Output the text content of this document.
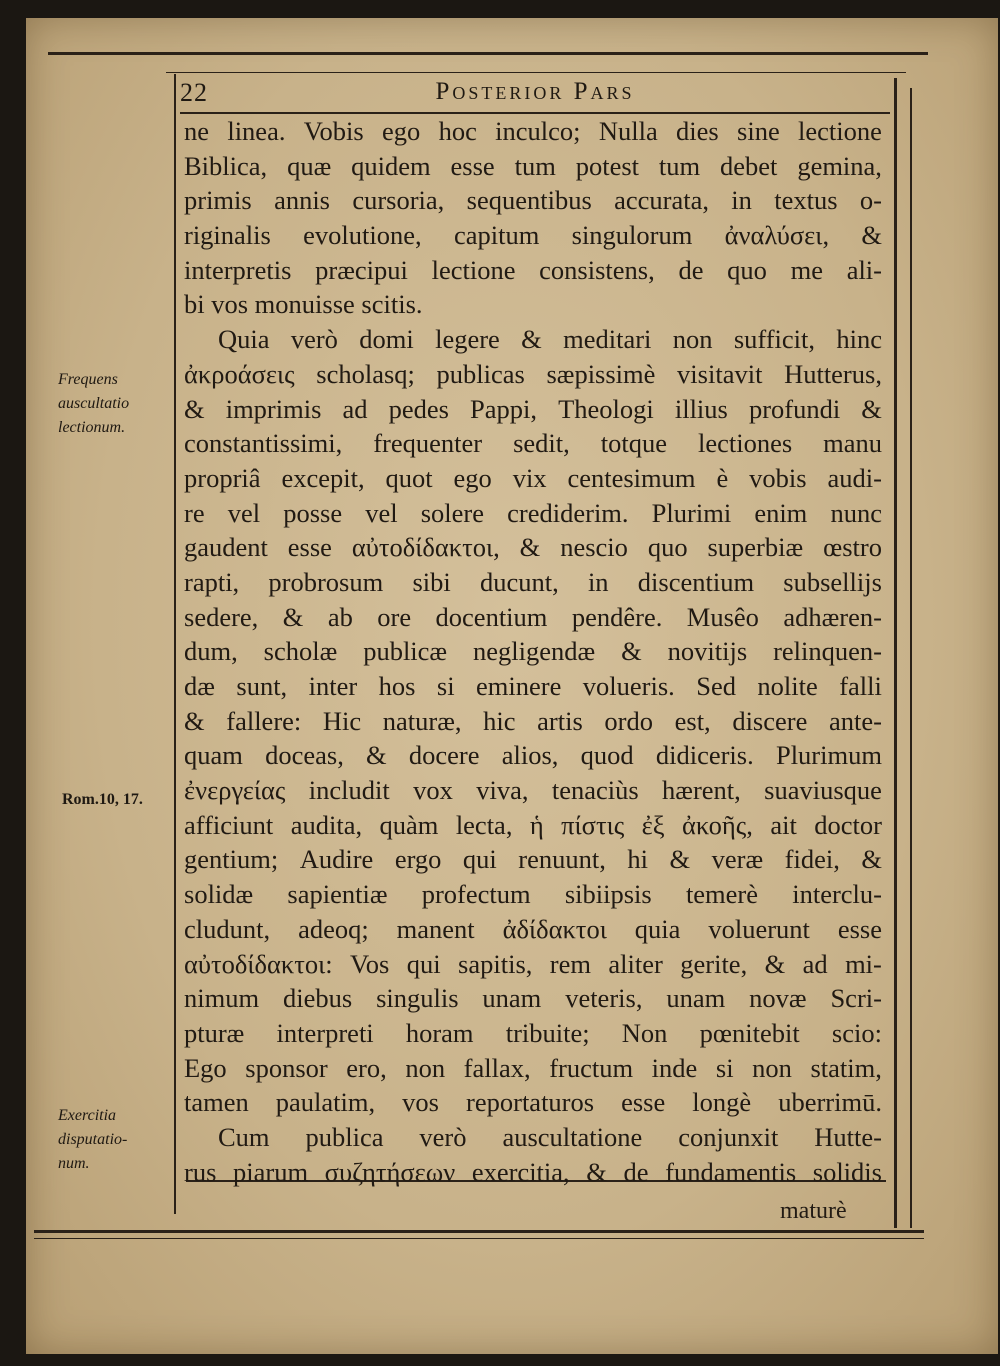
22	Posterior Pars
Frequens
auscultatio
lectionum.
Rom.10, 17.
Exercitia
disputatio-
num.
ne linea. Vobis ego hoc inculco; Nulla dies sine lectione
Biblica, quæ quidem esse tum potest tum debet gemina,
primis annis cursoria, sequentibus accurata, in textus o-
riginalis evolutione, capitum singulorum ἀναλύσει, &
interpretis præcipui lectione consistens, de quo me ali-
bi vos monuisse scitis.
Quia verò domi legere & meditari non sufficit, hinc
ἀκροάσεις scholasq; publicas sæpissimè visitavit Hutterus,
& imprimis ad pedes Pappi, Theologi illius profundi &
constantissimi, frequenter sedit, totque lectiones manu
propriâ excepit, quot ego vix centesimum è vobis audi-
re vel posse vel solere crediderim. Plurimi enim nunc
gaudent esse αὐτοδίδακτοι, & nescio quo superbiæ œstro
rapti, probrosum sibi ducunt, in discentium subsellijs
sedere, & ab ore docentium pendêre. Musêo adhæren-
dum, scholæ publicæ negligendæ & novitijs relinquen-
dæ sunt, inter hos si eminere volueris. Sed nolite falli
& fallere: Hic naturæ, hic artis ordo est, discere ante-
quam doceas, & docere alios, quod didiceris. Plurimum
ἐνεργείας includit vox viva, tenaciùs hærent, suaviusque
afficiunt audita, quàm lecta, ἡ πίστις ἐξ ἀκοῆς, ait doctor
gentium; Audire ergo qui renuunt, hi & veræ fidei, &
solidæ sapientiæ profectum sibiipsis temerè interclu-
cludunt, adeoq; manent ἀδίδακτοι quia voluerunt esse
αὐτοδίδακτοι: Vos qui sapitis, rem aliter gerite, & ad mi-
nimum diebus singulis unam veteris, unam novæ Scri-
pturæ interpreti horam tribuite; Non pœnitebit scio:
Ego sponsor ero, non fallax, fructum inde si non statim,
tamen paulatim, vos reportaturos esse longè uberrimū.
Cum publica verò auscultatione conjunxit Hutte-
rus piarum συζητήσεων exercitia, & de fundamentis solidis
maturè
